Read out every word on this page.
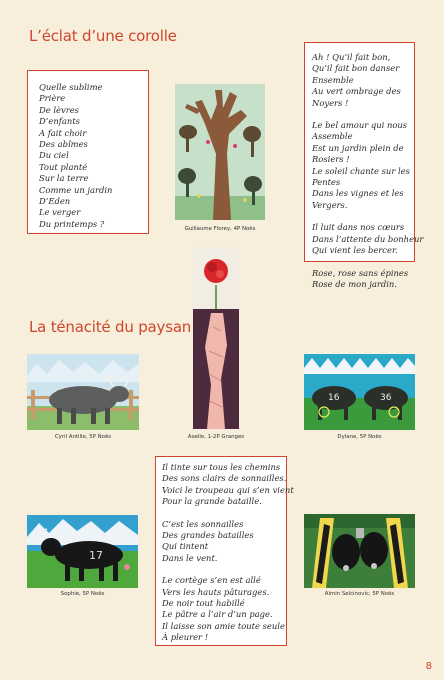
L’éclat d’une corolle
Quelle sublime
Prière
De lèvres
D’enfants
A fait choir
Des abîmes
Du ciel
Tout planté
Sur la terre
Comme un jardin
D’Eden
Le verger
Du printemps ?
Guillaume Florey, 4P Noës
Ah ! Qu’il fait bon,
Qu’il fait bon danser
Ensemble
Au vert ombrage des
Noyers !
Le bel amour qui nous
Assemble
Est un jardin plein de
Rosiers !
Le soleil chante sur les
Pentes
Dans les vignes et les
Vergers.
Il luit dans nos cœurs
Dans l’attente du bonheur
Qui vient les bercer.
Rose, rose sans épines
Rose de mon jardin.
Axelle, 1-2P Granges
La ténacité du paysan
Cyril Antille, 5P Noës
16	36
Dylane, 5P Noës
Il tinte sur tous les chemins
Des sons clairs de sonnailles.
Voici le troupeau qui s’en vient
Pour la grande bataille.
C’est les sonnailles
Des grandes batailles
Qui tintent
Dans le vent.
Le cortège s’en est allé
Vers les hauts pâturages.
De noir tout habillé
Le pâtre a l’air d’un page.
Il laisse son amie toute seule
À pleurer !
17
Sophie, 5P Noës	Almin Selcinovic, 5P Noës
8
